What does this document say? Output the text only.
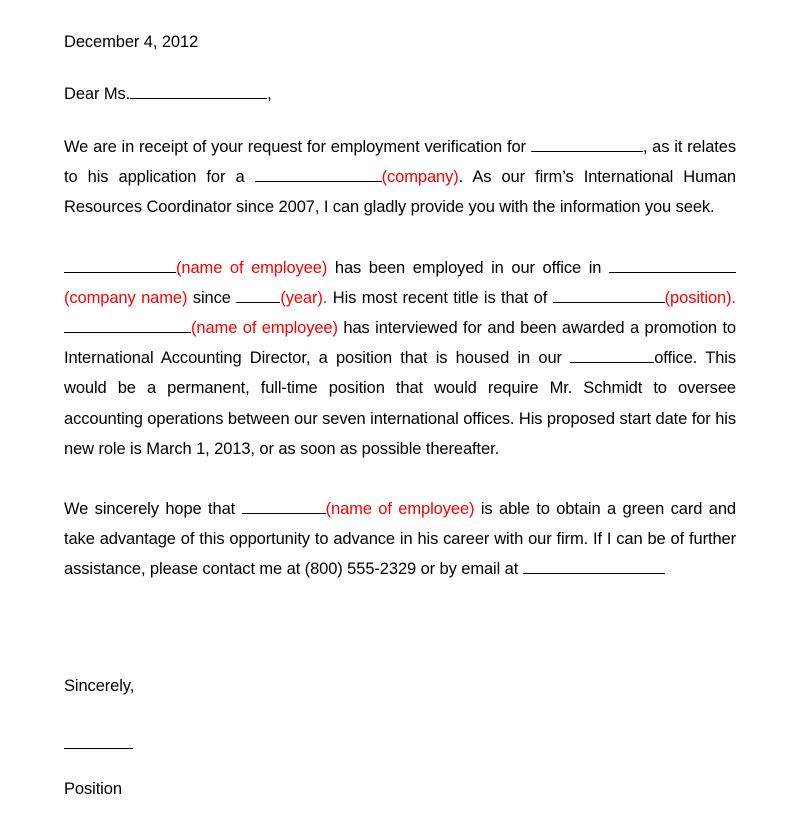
December 4, 2012
Dear Ms.	,

We are in receipt of your request for employment verification for	, as it relates to his application for a	(company). As our firm’s International Human Resources Coordinator since 2007, I can gladly provide you with the information you seek.

(name of employee) has been employed in our office in (company name) since	(year). His most recent title is that of	(position). (name of employee) has interviewed for and been awarded a promotion to International Accounting Director, a position that is housed in our	office. This would be a permanent, full-time position that would require Mr. Schmidt to oversee accounting operations between our seven international offices. His proposed start date for his new role is March 1, 2013, or as soon as possible thereafter.

We sincerely hope that	(name of employee) is able to obtain a green card and take advantage of this opportunity to advance in his career with our firm. If I can be of further assistance, please contact me at (800) 555-2329 or by email at

Sincerely,
Position
